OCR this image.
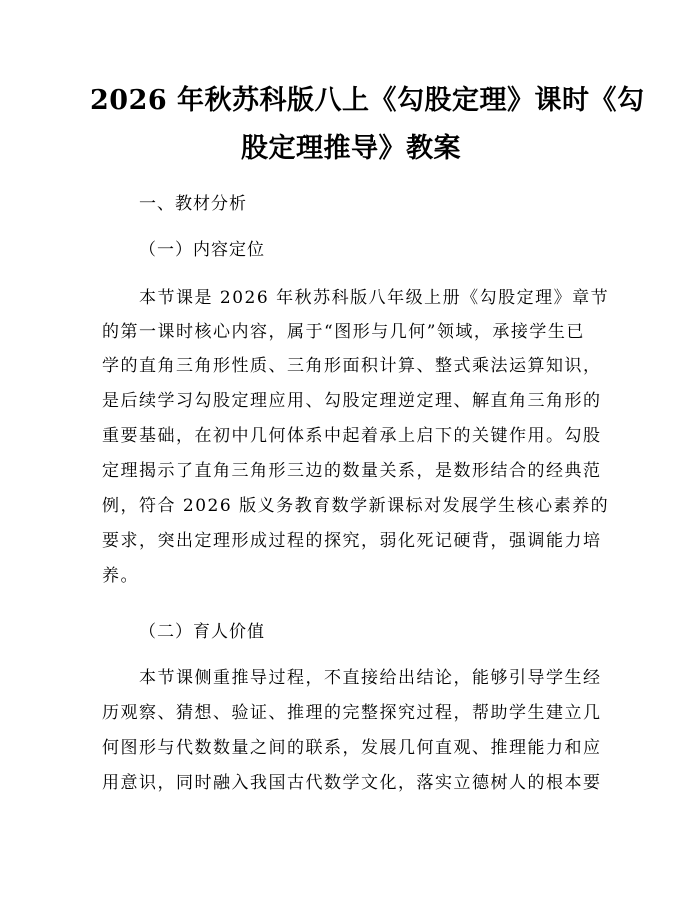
2026 年秋苏科版八上《勾股定理》课时《勾
股定理推导》教案
一、教材分析
（一）内容定位
本节课是 2026 年秋苏科版八年级上册《勾股定理》章节
的第一课时核心内容，属于“图形与几何”领域，承接学生已
学的直角三角形性质、三角形面积计算、整式乘法运算知识，
是后续学习勾股定理应用、勾股定理逆定理、解直角三角形的
重要基础，在初中几何体系中起着承上启下的关键作用。勾股
定理揭示了直角三角形三边的数量关系，是数形结合的经典范
例，符合 2026 版义务教育数学新课标对发展学生核心素养的
要求，突出定理形成过程的探究，弱化死记硬背，强调能力培
养。
（二）育人价值
本节课侧重推导过程，不直接给出结论，能够引导学生经
历观察、猜想、验证、推理的完整探究过程，帮助学生建立几
何图形与代数数量之间的联系，发展几何直观、推理能力和应
用意识，同时融入我国古代数学文化，落实立德树人的根本要
